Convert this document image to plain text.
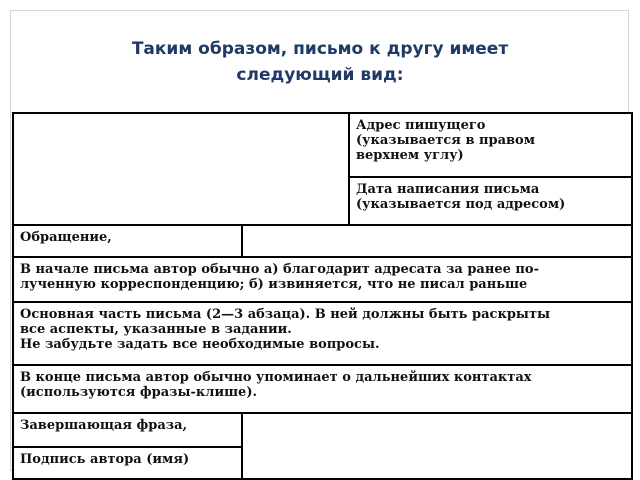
Таким образом, письмо к другу имеет
следующий вид:
Адрес пишущего
(указывается в правом
верхнем углу)
Дата написания письма
(указывается под адресом)
Обращение,
В начале письма автор обычно а) благодарит адресата за ранее по-
лученную корреспонденцию; б) извиняется, что не писал раньше
Основная часть письма (2—3 абзаца). В ней должны быть раскрыты
все аспекты, указанные в задании.
Не забудьте задать все необходимые вопросы.
В конце письма автор обычно упоминает о дальнейших контактах
(используются фразы-клише).
Завершающая фраза,
Подпись автора (имя)
